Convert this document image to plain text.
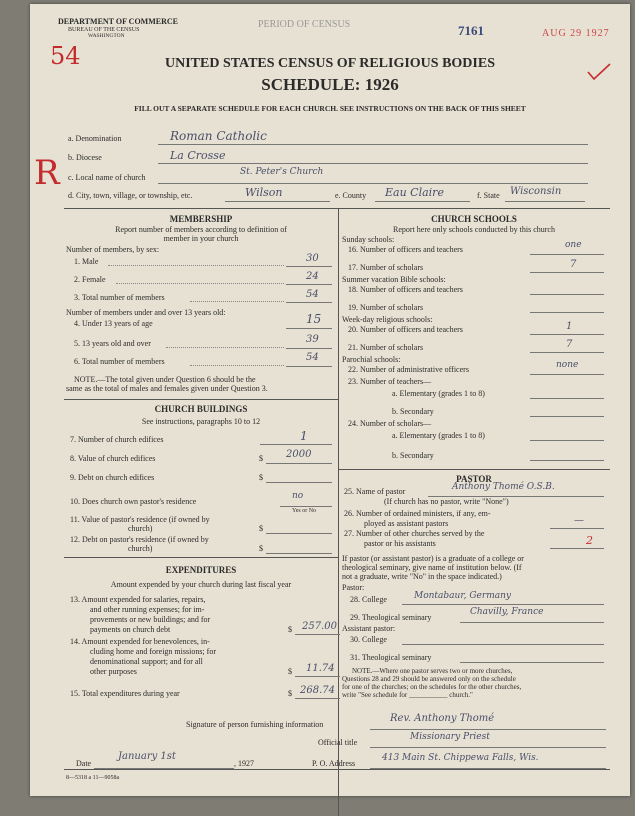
DEPARTMENT OF COMMERCE
BUREAU OF THE CENSUS
WASHINGTON
PERIOD OF CENSUS	7161	AUG 29 1927
54	UNITED STATES CENSUS OF RELIGIOUS BODIES
SCHEDULE: 1926
FILL OUT A SEPARATE SCHEDULE FOR EACH CHURCH. SEE INSTRUCTIONS ON THE BACK OF THIS SHEET
R
a. Denomination	Roman Catholic
b. Diocese	La Crosse
c. Local name of church
St. Peter's Church
d. City, town, village, or township, etc.	Wilson	e. County Eau Claire	f. State Wisconsin
MEMBERSHIP
Report number of members according to definition of
member in your church
Number of members, by sex:
1. Male	30
2. Female	24
3. Total number of members	54
Number of members under and over 13 years old:
4. Under 13 years of age	15
5. 13 years old and over	39
6. Total number of members	54
NOTE.—The total given under Question 6 should be the
same as the total of males and females given under Question 3.
CHURCH BUILDINGS
See instructions, paragraphs 10 to 12
7. Number of church edifices	1
8. Value of church edifices	$ 2000
9. Debt on church edifices	$
10. Does church own pastor's residence
no
Yes or No
11. Value of pastor's residence (if owned by
church)	$
12. Debt on pastor's residence (if owned by
church)	$
EXPENDITURES
Amount expended by your church during last fiscal year
13. Amount expended for salaries, repairs,
and other running expenses; for im-
provements or new buildings; and for
payments on church debt	$ 257.00
14. Amount expended for benevolences, in-
cluding home and foreign missions; for
denominational support; and for all
other purposes	$ 11.74
15. Total expenditures during year	$ 268.74
CHURCH SCHOOLS
Report here only schools conducted by this church
Sunday schools:
16. Number of officers and teachers	one
17. Number of scholars	7
Summer vacation Bible schools:
18. Number of officers and teachers
19. Number of scholars
Week-day religious schools:
20. Number of officers and teachers	1
21. Number of scholars	7
Parochial schools:
22. Number of administrative officers	none
23. Number of teachers—
a. Elementary (grades 1 to 8)
b. Secondary
24. Number of scholars—
a. Elementary (grades 1 to 8)
b. Secondary
PASTOR
25. Name of pastor	Anthony Thomé O.S.B.
(If church has no pastor, write "None")
26. Number of ordained ministers, if any, em-
ployed as assistant pastors	—
27. Number of other churches served by the
pastor or his assistants	2
If pastor (or assistant pastor) is a graduate of a college or
theological seminary, give name of institution below. (If
not a graduate, write "No" in the space indicated.)
Pastor:
28. College	Montabaur, Germany
29. Theological seminary
Chavilly, France
Assistant pastor:
30. College
31. Theological seminary
NOTE.—Where one pastor serves two or more churches,
Questions 28 and 29 should be answered only on the schedule
for one of the churches; on the schedules for the other churches,
write "See schedule for ___________ church."
Signature of person furnishing information
Rev. Anthony Thomé
Official title
Missionary Priest
Date
January 1st
, 1927	P. O. Address
413 Main St. Chippewa Falls, Wis.
8—5318 a 11—9058a
